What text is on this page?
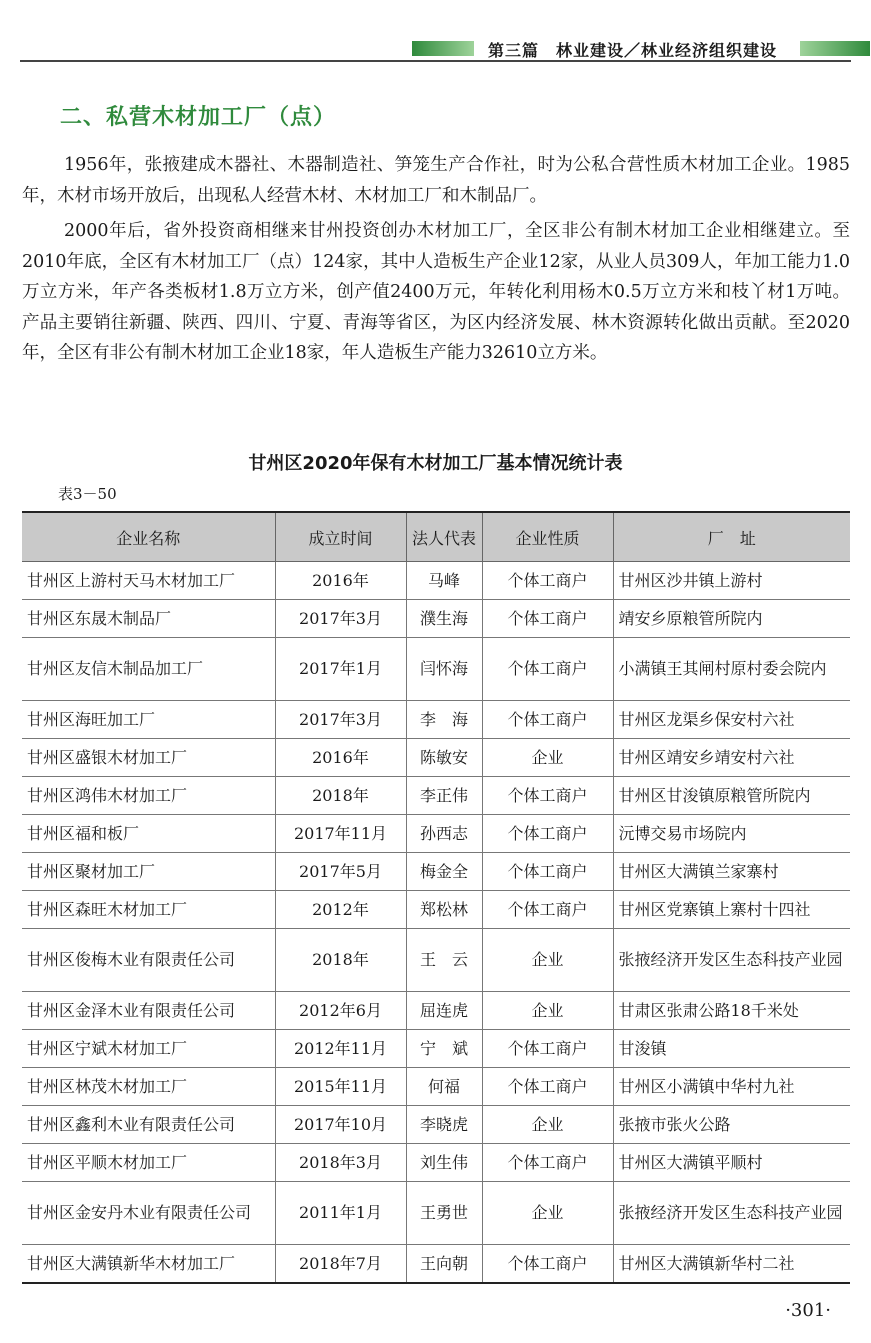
第三篇　林业建设／林业经济组织建设
二、私营木材加工厂（点）

1956年，张掖建成木器社、木器制造社、笋笼生产合作社，时为公私合营性质木材加工企业。1985年，木材市场开放后，出现私人经营木材、木材加工厂和木制品厂。

2000年后，省外投资商相继来甘州投资创办木材加工厂，全区非公有制木材加工企业相继建立。至2010年底，全区有木材加工厂（点）124家，其中人造板生产企业12家，从业人员309人，年加工能力1.0万立方米，年产各类板材1.8万立方米，创产值2400万元，年转化利用杨木0.5万立方米和枝丫材1万吨。产品主要销往新疆、陕西、四川、宁夏、青海等省区，为区内经济发展、林木资源转化做出贡献。至2020年，全区有非公有制木材加工企业18家，年人造板生产能力32610立方米。

甘州区2020年保有木材加工厂基本情况统计表
表3－50
企业名称	成立时间	法人代表	企业性质	厂　址
甘州区上游村天马木材加工厂	2016年	马峰	个体工商户	甘州区沙井镇上游村
甘州区东晟木制品厂	2017年3月	濮生海	个体工商户	靖安乡原粮管所院内
甘州区友信木制品加工厂	2017年1月	闫怀海	个体工商户	小满镇王其闸村原村委会院内
甘州区海旺加工厂	2017年3月	李　海	个体工商户	甘州区龙渠乡保安村六社
甘州区盛银木材加工厂	2016年	陈敏安	企业	甘州区靖安乡靖安村六社
甘州区鸿伟木材加工厂	2018年	李正伟	个体工商户	甘州区甘浚镇原粮管所院内
甘州区福和板厂	2017年11月	孙西志	个体工商户	沅博交易市场院内
甘州区聚材加工厂	2017年5月	梅金全	个体工商户	甘州区大满镇兰家寨村
甘州区森旺木材加工厂	2012年	郑松林	个体工商户	甘州区党寨镇上寨村十四社
甘州区俊梅木业有限责任公司	2018年	王　云	企业	张掖经济开发区生态科技产业园
甘州区金泽木业有限责任公司	2012年6月	屈连虎	企业	甘肃区张肃公路18千米处
甘州区宁斌木材加工厂	2012年11月	宁　斌	个体工商户	甘浚镇
甘州区林茂木材加工厂	2015年11月	何福	个体工商户	甘州区小满镇中华村九社
甘州区鑫利木业有限责任公司	2017年10月	李晓虎	企业	张掖市张火公路
甘州区平顺木材加工厂	2018年3月	刘生伟	个体工商户	甘州区大满镇平顺村
甘州区金安丹木业有限责任公司	2011年1月	王勇世	企业	张掖经济开发区生态科技产业园
甘州区大满镇新华木材加工厂	2018年7月	王向朝	个体工商户	甘州区大满镇新华村二社
·301·
